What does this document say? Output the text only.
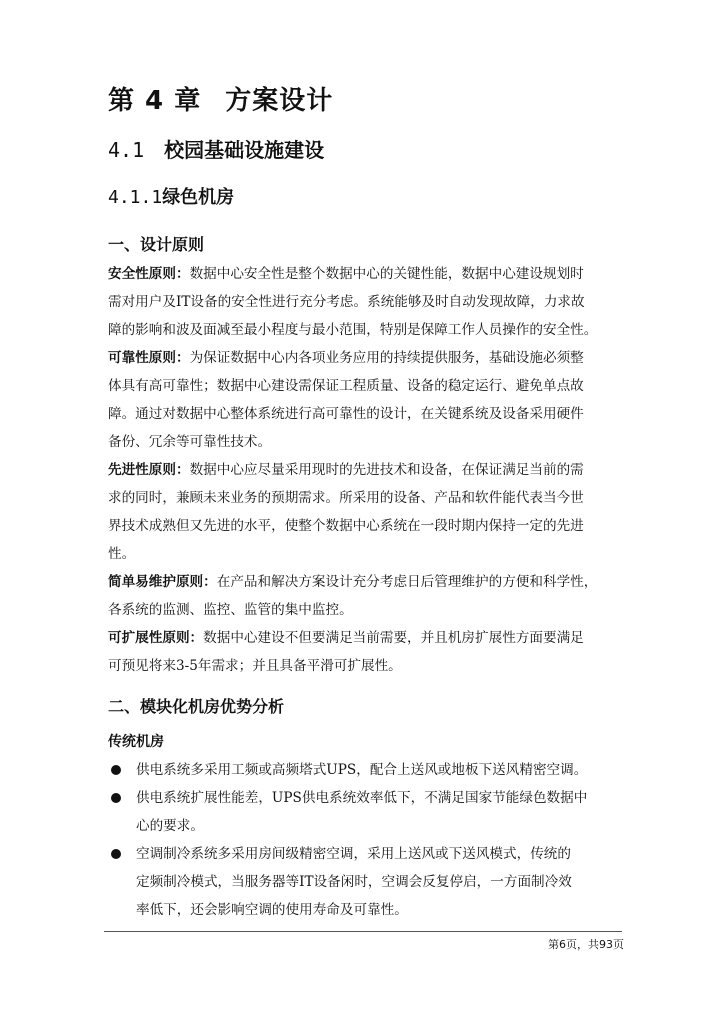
第 4 章 方案设计
4.1 校园基础设施建设
4.1.1绿色机房
一、设计原则
安全性原则：数据中心安全性是整个数据中心的关键性能，数据中心建设规划时
需对用户及IT设备的安全性进行充分考虑。系统能够及时自动发现故障，力求故
障的影响和波及面减至最小程度与最小范围，特别是保障工作人员操作的安全性。
可靠性原则：为保证数据中心内各项业务应用的持续提供服务，基础设施必须整
体具有高可靠性；数据中心建设需保证工程质量、设备的稳定运行、避免单点故
障。通过对数据中心整体系统进行高可靠性的设计，在关键系统及设备采用硬件
备份、冗余等可靠性技术。
先进性原则：数据中心应尽量采用现时的先进技术和设备，在保证满足当前的需
求的同时，兼顾未来业务的预期需求。所采用的设备、产品和软件能代表当今世
界技术成熟但又先进的水平，使整个数据中心系统在一段时期内保持一定的先进
性。
简单易维护原则：在产品和解决方案设计充分考虑日后管理维护的方便和科学性，
各系统的监测、监控、监管的集中监控。
可扩展性原则：数据中心建设不但要满足当前需要，并且机房扩展性方面要满足
可预见将来3-5年需求；并且具备平滑可扩展性。
二、模块化机房优势分析
传统机房
供电系统多采用工频或高频塔式UPS，配合上送风或地板下送风精密空调。
供电系统扩展性能差，UPS供电系统效率低下，不满足国家节能绿色数据中
心的要求。
空调制冷系统多采用房间级精密空调，采用上送风或下送风模式，传统的
定频制冷模式，当服务器等IT设备闲时，空调会反复停启，一方面制冷效
率低下，还会影响空调的使用寿命及可靠性。
第6页，共93页
